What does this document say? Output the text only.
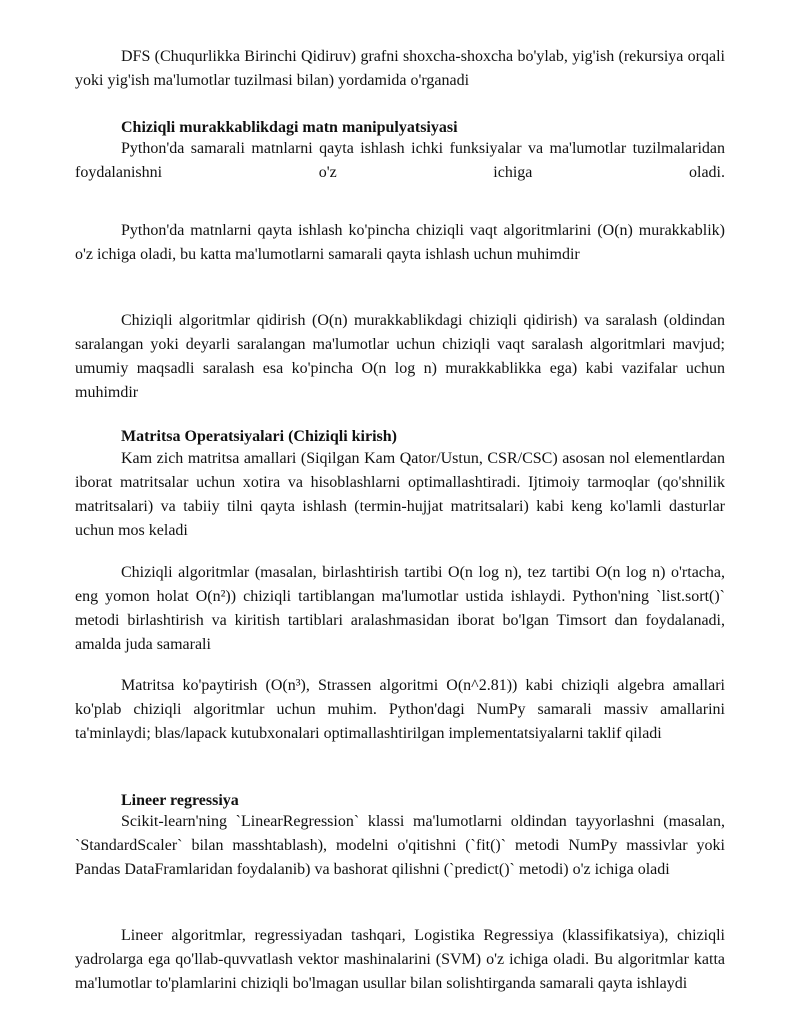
DFS (Chuqurlikka Birinchi Qidiruv) grafni shoxcha-shoxcha bo'ylab, yig'ish (rekursiya orqali yoki yig'ish ma'lumotlar tuzilmasi bilan) yordamida o'rganadi

Chiziqli murakkablikdagi matn manipulyatsiyasi

Python'da samarali matnlarni qayta ishlash ichki funksiyalar va ma'lumotlar tuzilmalaridan foydalanishni o'z ichiga oladi.

Python'da matnlarni qayta ishlash ko'pincha chiziqli vaqt algoritmlarini (O(n) murakkablik) o'z ichiga oladi, bu katta ma'lumotlarni samarali qayta ishlash uchun muhimdir

Chiziqli algoritmlar qidirish (O(n) murakkablikdagi chiziqli qidirish) va saralash (oldindan saralangan yoki deyarli saralangan ma'lumotlar uchun chiziqli vaqt saralash algoritmlari mavjud; umumiy maqsadli saralash esa ko'pincha O(n log n) murakkablikka ega) kabi vazifalar uchun muhimdir

Matritsa Operatsiyalari (Chiziqli kirish)

Kam zich matritsa amallari (Siqilgan Kam Qator/Ustun, CSR/CSC) asosan nol elementlardan iborat matritsalar uchun xotira va hisoblashlarni optimallashtiradi. Ijtimoiy tarmoqlar (qo'shnilik matritsalari) va tabiiy tilni qayta ishlash (termin-hujjat matritsalari) kabi keng ko'lamli dasturlar uchun mos keladi

Chiziqli algoritmlar (masalan, birlashtirish tartibi O(n log n), tez tartibi O(n log n) o'rtacha, eng yomon holat O(n²)) chiziqli tartiblangan ma'lumotlar ustida ishlaydi. Python'ning `list.sort()` metodi birlashtirish va kiritish tartiblari aralashmasidan iborat bo'lgan Timsort dan foydalanadi, amalda juda samarali

Matritsa ko'paytirish (O(n³), Strassen algoritmi O(n^2.81)) kabi chiziqli algebra amallari ko'plab chiziqli algoritmlar uchun muhim. Python'dagi NumPy samarali massiv amallarini ta'minlaydi; blas/lapack kutubxonalari optimallashtirilgan implementatsiyalarni taklif qiladi

Lineer regressiya

Scikit-learn'ning `LinearRegression` klassi ma'lumotlarni oldindan tayyorlashni (masalan, `StandardScaler` bilan masshtablash), modelni o'qitishni (`fit()` metodi NumPy massivlar yoki Pandas DataFramlaridan foydalanib) va bashorat qilishni (`predict()` metodi) o'z ichiga oladi

Lineer algoritmlar, regressiyadan tashqari, Logistika Regressiya (klassifikatsiya), chiziqli yadrolarga ega qo'llab-quvvatlash vektor mashinalarini (SVM) o'z ichiga oladi. Bu algoritmlar katta ma'lumotlar to'plamlarini chiziqli bo'lmagan usullar bilan solishtirganda samarali qayta ishlaydi
